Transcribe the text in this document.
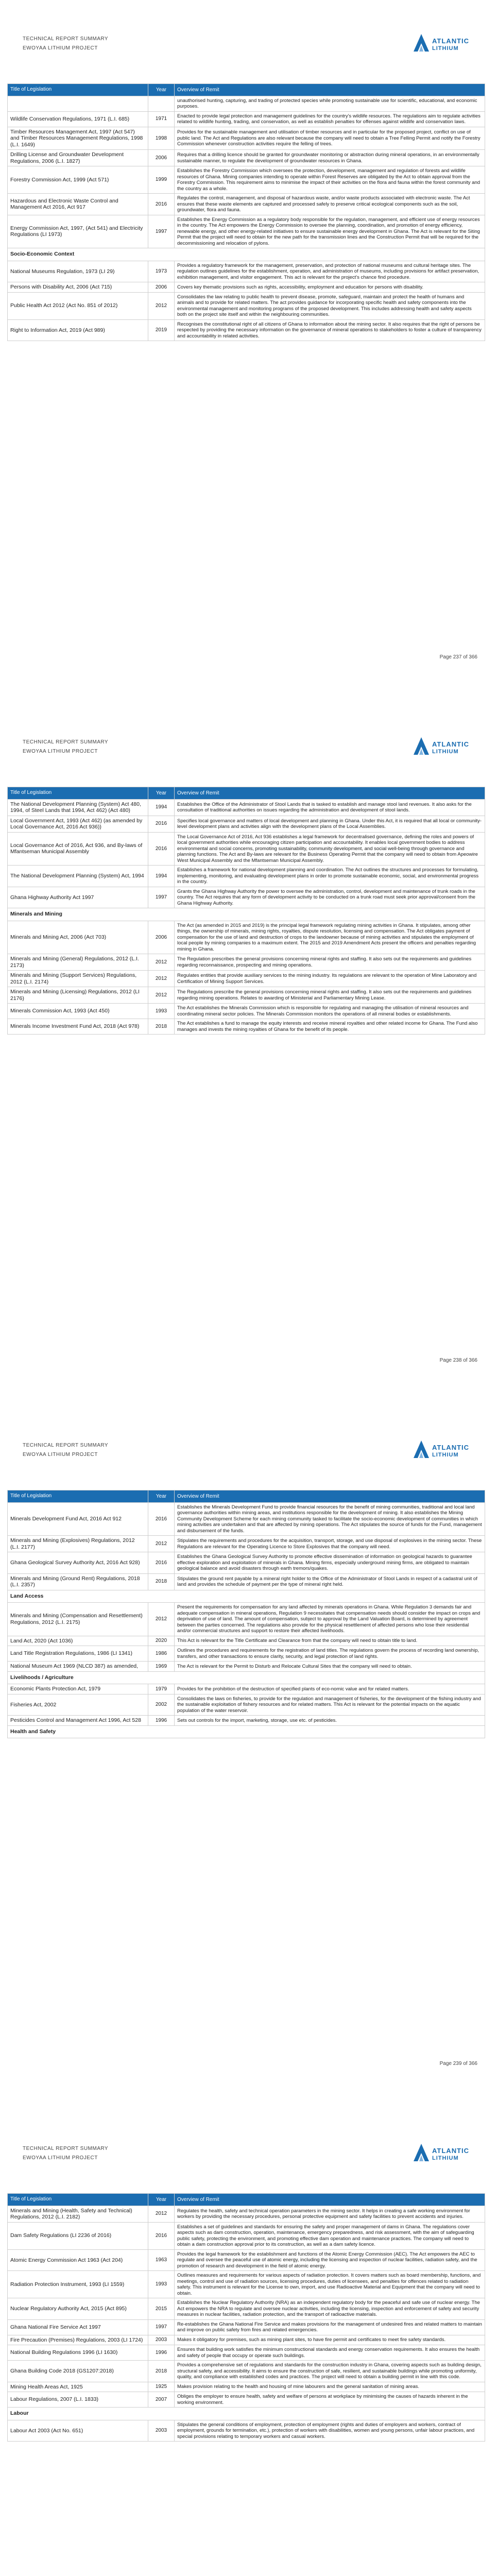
TECHNICAL REPORT SUMMARY
EWOYAA LITHIUM PROJECT
ATLANTIC
LITHIUM
Title of Legislation	Year	Overview of Remit
		unauthorised hunting, capturing, and trading of protected species while promoting sustainable use for scientific, educational, and economic purposes.
Wildlife Conservation Regulations, 1971 (L.I. 685)	1971	Enacted to provide legal protection and management guidelines for the country's wildlife resources. The regulations aim to regulate activities related to wildlife hunting, trading, and conservation, as well as establish penalties for offenses against wildlife and conservation laws.
Timber Resources Management Act, 1997 (Act 547) and Timber Resources Management Regulations, 1998 (L.I. 1649)	1998	Provides for the sustainable management and utilisation of timber resources and in particular for the proposed project, conflict on use of public land. The Act and Regulations are also relevant because the company will need to obtain a Tree Felling Permit and notify the Forestry Commission whenever construction activities require the felling of trees.
Drilling License and Groundwater Development Regulations, 2006 (L.I. 1827)	2006	Requires that a drilling licence should be granted for groundwater monitoring or abstraction during mineral operations, in an environmentally sustainable manner, to regulate the development of groundwater resources in Ghana.
Forestry Commission Act, 1999 (Act 571)	1999	Establishes the Forestry Commission which oversees the protection, development, management and regulation of forests and wildlife resources of Ghana. Mining companies intending to operate within Forest Reserves are obligated by the Act to obtain approval from the Forestry Commission. This requirement aims to minimise the impact of their activities on the flora and fauna within the forest community and the country as a whole.
Hazardous and Electronic Waste Control and Management Act 2016, Act 917	2016	Regulates the control, management, and disposal of hazardous waste, and/or waste products associated with electronic waste. The Act ensures that these waste elements are captured and processed safely to preserve critical ecological components such as the soil, groundwater, flora and fauna.
Energy Commission Act, 1997, (Act 541) and Electricity Regulations (LI 1973)	1997	Establishes the Energy Commission as a regulatory body responsible for the regulation, management, and efficient use of energy resources in the country. The Act empowers the Energy Commission to oversee the planning, coordination, and promotion of energy efficiency, renewable energy, and other energy-related initiatives to ensure sustainable energy development in Ghana. The Act is relevant for the Siting Permit that the project will need to obtain for the new path for the transmission lines and the Construction Permit that will be required for the decommissioning and relocation of pylons.
Socio-Economic Context		
National Museums Regulation, 1973 (LI 29)	1973	Provides a regulatory framework for the management, preservation, and protection of national museums and cultural heritage sites. The regulation outlines guidelines for the establishment, operation, and administration of museums, including provisions for artifact preservation, exhibition management, and visitor engagement. This act is relevant for the project's chance find procedure.
Persons with Disability Act, 2006 (Act 715)	2006	Covers key thematic provisions such as rights, accessibility, employment and education for persons with disability.
Public Health Act 2012 (Act No. 851 of 2012)	2012	Consolidates the law relating to public health to prevent disease, promote, safeguard, maintain and protect the health of humans and animals and to provide for related matters. The act provides guidance for incorporating specific health and safety components into the environmental management and monitoring programs of the proposed development. This includes addressing health and safety aspects both on the project site itself and within the neighbouring communities.
Right to Information Act, 2019 (Act 989)	2019	Recognises the constitutional right of all citizens of Ghana to information about the mining sector. It also requires that the right of persons be respected by providing the necessary information on the governance of mineral operations to stakeholders to foster a culture of transparency and accountability in related activities.
Page 237 of 366
TECHNICAL REPORT SUMMARY
EWOYAA LITHIUM PROJECT
ATLANTIC
LITHIUM
Title of Legislation	Year	Overview of Remit
The National Development Planning (System) Act 480, 1994, of Steel Lands that 1994, Act 462) (Act 480)	1994	Establishes the Office of the Administrator of Stool Lands that is tasked to establish and manage stool land revenues. It also asks for the consultation of traditional authorities on issues regarding the administration and development of stool lands.
Local Government Act, 1993 (Act 462) (as amended by Local Governance Act, 2016 Act 936))	2016	Specifies local governance and matters of local development and planning in Ghana. Under this Act, it is required that all local or community-level development plans and activities align with the development plans of the Local Assemblies.
Local Governance Act of 2016, Act 936, and By-laws of Mfantseman Municipal Assembly	2016	The Local Governance Act of 2016, Act 936 establishes a legal framework for decentralised governance, defining the roles and powers of local government authorities while encouraging citizen participation and accountability. It enables local government bodies to address environmental and social concerns, promoting sustainability, community development, and social well-being through governance and planning functions. The Act and By-laws are relevant for the Business Operating Permit that the company will need to obtain from Apeowire West Municipal Assembly and the Mfantseman Municipal Assembly.
The National Development Planning (System) Act, 1994	1994	Establishes a framework for national development planning and coordination. The Act outlines the structures and processes for formulating, implementing, monitoring, and evaluating development plans in order to promote sustainable economic, social, and environmental progress in the country.
Ghana Highway Authority Act 1997	1997	Grants the Ghana Highway Authority the power to oversee the administration, control, development and maintenance of trunk roads in the country. The Act requires that any form of development activity to be conducted on a trunk road must seek prior approval/consent from the Ghana Highway Authority.
Minerals and Mining		
Minerals and Mining Act, 2006 (Act 703)	2006	The Act (as amended in 2015 and 2019) is the principal legal framework regulating mining activities in Ghana. It stipulates, among other things, the ownership of minerals, mining rights, royalties, dispute resolution, licensing and compensation. The Act obligates payment of compensation for the use of land and destruction of crops to the landowner because of mining activities and stipulates the employment of local people by mining companies to a maximum extent. The 2015 and 2019 Amendment Acts present the officers and penalties regarding mining in Ghana.
Minerals and Mining (General) Regulations, 2012 (L.I. 2173)	2012	The Regulation prescribes the general provisions concerning mineral rights and staffing. It also sets out the requirements and guidelines regarding reconnaissance, prospecting and mining operations.
Minerals and Mining (Support Services) Regulations, 2012 (L.I. 2174)	2012	Regulates entities that provide auxiliary services to the mining industry. Its regulations are relevant to the operation of Mine Laboratory and Certification of Mining Support Services.
Minerals and Mining (Licensing) Regulations, 2012 (LI 2176)	2012	The Regulations prescribe the general provisions concerning mineral rights and staffing. It also sets out the requirements and guidelines regarding mining operations. Relates to awarding of Ministerial and Parliamentary Mining Lease.
Minerals Commission Act, 1993 (Act 450)	1993	The Act establishes the Minerals Commission which is responsible for regulating and managing the utilisation of mineral resources and coordinating mineral sector policies. The Minerals Commission monitors the operations of all mineral bodies or establishments.
Minerals Income Investment Fund Act, 2018 (Act 978)	2018	The Act establishes a fund to manage the equity interests and receive mineral royalties and other related income for Ghana. The Fund also manages and invests the mining royalties of Ghana for the benefit of its people.
Page 238 of 366
TECHNICAL REPORT SUMMARY
EWOYAA LITHIUM PROJECT
ATLANTIC
LITHIUM
Title of Legislation	Year	Overview of Remit
Minerals Development Fund Act, 2016 Act 912	2016	Establishes the Minerals Development Fund to provide financial resources for the benefit of mining communities, traditional and local land governance authorities within mining areas, and institutions responsible for the development of mining. It also establishes the Mining Community Development Scheme for each mining community tasked to facilitate the socio-economic development of communities in which mining activities are undertaken and that are affected by mining operations. The Act stipulates the source of funds for the Fund, management and disbursement of the funds.
Minerals and Mining (Explosives) Regulations, 2012 (L.I. 2177)	2012	Stipulates the requirements and procedures for the acquisition, transport, storage, and use disposal of explosives in the mining sector. These Regulations are relevant for the Operating Licence to Store Explosives that the company will need.
Ghana Geological Survey Authority Act, 2016 Act 928)	2016	Establishes the Ghana Geological Survey Authority to promote effective dissemination of information on geological hazards to guarantee effective exploration and exploitation of minerals in Ghana. Mining firms, especially underground mining firms, are obligated to maintain geological balance and avoid disasters through earth tremors/quakes.
Minerals and Mining (Ground Rent) Regulations, 2018 (L.I. 2357)	2018	Stipulates the ground rent payable by a mineral right holder to the Office of the Administrator of Stool Lands in respect of a cadastral unit of land and provides the schedule of payment per the type of mineral right held.
Land Access		
Minerals and Mining (Compensation and Resettlement) Regulations, 2012 (L.I. 2175)	2012	Present the requirements for compensation for any land affected by minerals operations in Ghana. While Regulation 3 demands fair and adequate compensation in mineral operations, Regulation 9 necessitates that compensation needs should consider the impact on crops and deprivation of use of land. The amount of compensation, subject to approval by the Land Valuation Board, is determined by agreement between the parties concerned. The regulations also provide for the physical resettlement of affected persons who lose their residential and/or commercial structures and support to restore their affected livelihoods.
Land Act, 2020 (Act 1036)	2020	This Act is relevant for the Title Certificate and Clearance from that the company will need to obtain title to land.
Land Title Registration Regulations, 1986 (LI 1341)	1986	Outlines the procedures and requirements for the registration of land titles. The regulations govern the process of recording land ownership, transfers, and other transactions to ensure clarity, security, and legal protection of land rights.
National Museum Act 1969 (NLCD 387) as amended,	1969	The Act is relevant for the Permit to Disturb and Relocate Cultural Sites that the company will need to obtain.
Livelihoods / Agriculture		
Economic Plants Protection Act, 1979	1979	Provides for the prohibition of the destruction of specified plants of eco-nomic value and for related matters.
Fisheries Act, 2002	2002	Consolidates the laws on fisheries, to provide for the regulation and management of fisheries, for the development of the fishing industry and the sustainable exploitation of fishery resources and for related matters. This Act is relevant for the potential impacts on the aquatic population of the water reservoir.
Pesticides Control and Management Act 1996, Act 528	1996	Sets out controls for the import, marketing, storage, use etc. of pesticides.
Health and Safety		
Page 239 of 366
TECHNICAL REPORT SUMMARY
EWOYAA LITHIUM PROJECT
ATLANTIC
LITHIUM
Title of Legislation	Year	Overview of Remit
Minerals and Mining (Health, Safety and Technical) Regulations, 2012 (L.I. 2182)	2012	Regulates the health, safety and technical operation parameters in the mining sector. It helps in creating a safe working environment for workers by providing the necessary procedures, personal protective equipment and safety facilities to prevent accidents and injuries.
Dam Safety Regulations (LI 2236 of 2016)	2016	Establishes a set of guidelines and standards for ensuring the safety and proper management of dams in Ghana. The regulations cover aspects such as dam construction, operation, maintenance, emergency preparedness, and risk assessment, with the aim of safeguarding public safety, protecting the environment, and promoting effective dam operation and maintenance practices. The company will need to obtain a dam construction approval prior to its construction, as well as a dam safety licence.
Atomic Energy Commission Act 1963 (Act 204)	1963	Provides the legal framework for the establishment and functions of the Atomic Energy Commission (AEC). The Act empowers the AEC to regulate and oversee the peaceful use of atomic energy, including the licensing and inspection of nuclear facilities, radiation safety, and the promotion of research and development in the field of atomic energy.
Radiation Protection Instrument, 1993 (LI 1559)	1993	Outlines measures and requirements for various aspects of radiation protection. It covers matters such as board membership, functions, and meetings, control and use of radiation sources, licensing procedures, duties of licensees, and penalties for offences related to radiation safety. This instrument is relevant for the License to own, import, and use Radioactive Material and Equipment that the company will need to obtain.
Nuclear Regulatory Authority Act, 2015 (Act 895)	2015	Establishes the Nuclear Regulatory Authority (NRA) as an independent regulatory body for the peaceful and safe use of nuclear energy. The Act empowers the NRA to regulate and oversee nuclear activities, including the licensing, inspection and enforcement of safety and security measures in nuclear facilities, radiation protection, and the transport of radioactive materials.
Ghana National Fire Service Act 1997	1997	Re-establishes the Ghana National Fire Service and makes provisions for the management of undesired fires and related matters to maintain and improve on public safety from fires and related emergencies.
Fire Precaution (Premises) Regulations, 2003 (LI 1724)	2003	Makes it obligatory for premises, such as mining plant sites, to have fire permit and certificates to meet fire safety standards.
National Building Regulations 1996 (LI 1630)	1996	Ensures that building work satisfies the minimum constructional standards and energy conservation requirements. It also ensures the health and safety of people that occupy or operate such buildings.
Ghana Building Code 2018 (GS1207:2018)	2018	Provides a comprehensive set of regulations and standards for the construction industry in Ghana, covering aspects such as building design, structural safety, and accessibility. It aims to ensure the construction of safe, resilient, and sustainable buildings while promoting uniformity, quality, and compliance with established codes and practices. The project will need to obtain a building permit in line with this code.
Mining Health Areas Act, 1925	1925	Makes provision relating to the health and housing of mine labourers and the general sanitation of mining areas.
Labour Regulations, 2007 (L.I. 1833)	2007	Obliges the employer to ensure health, safety and welfare of persons at workplace by minimising the causes of hazards inherent in the working environment.
Labour		
Labour Act 2003 (Act No. 651)	2003	Stipulates the general conditions of employment, protection of employment (rights and duties of employers and workers, contract of employment, grounds for termination, etc.), protection of workers with disabilities, women and young persons, unfair labour practices, and special provisions relating to temporary workers and casual workers.
